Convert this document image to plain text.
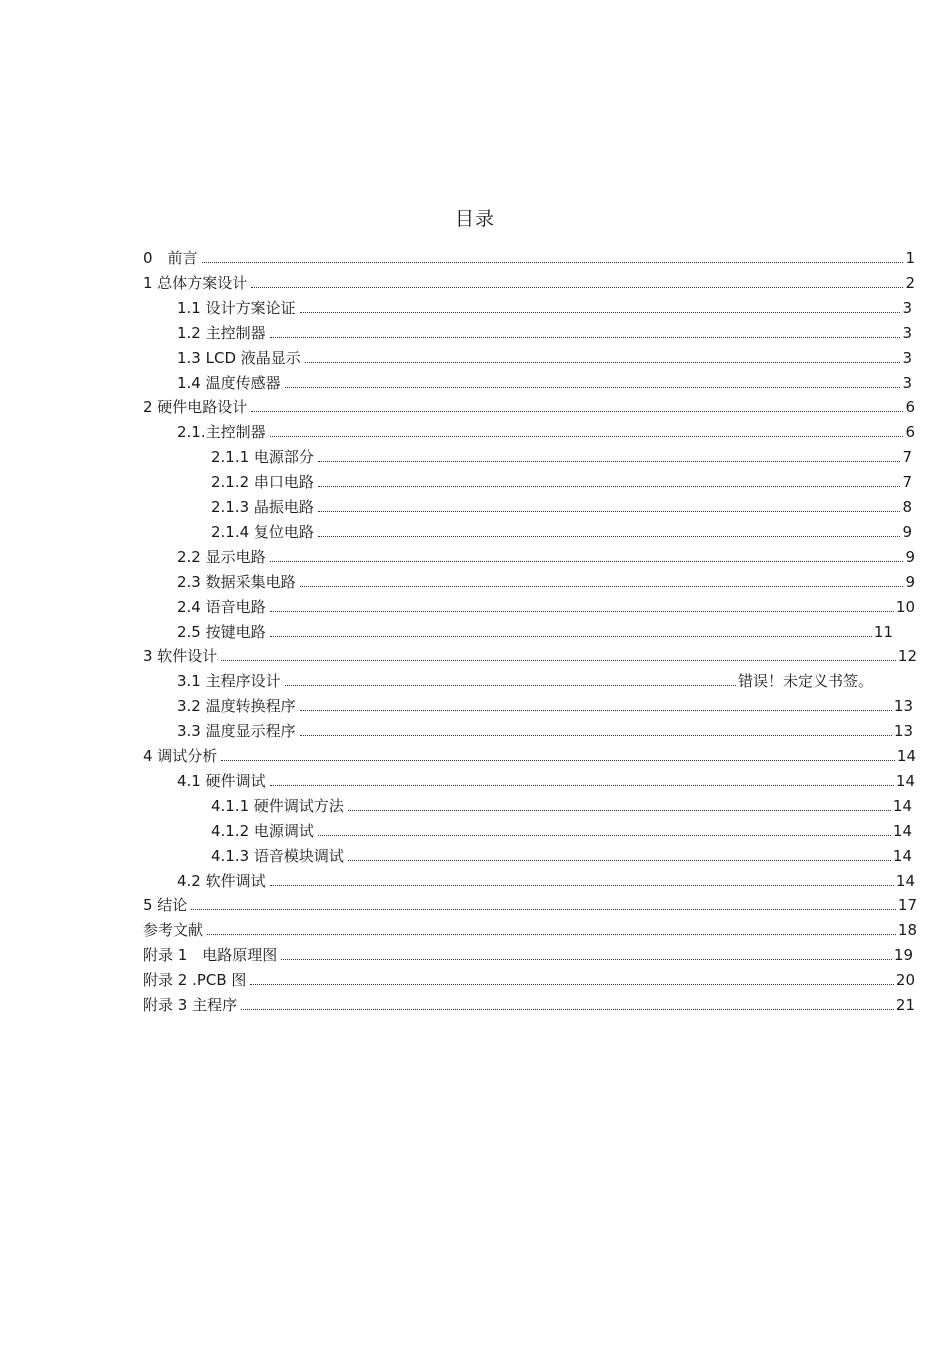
目录
0　前言	1
1 总体方案设计	2
1.1 设计方案论证	3
1.2 主控制器	3
1.3 LCD 液晶显示	3
1.4 温度传感器	3
2 硬件电路设计	6
2.1.主控制器	6
2.1.1 电源部分	7
2.1.2 串口电路	7
2.1.3 晶振电路	8
2.1.4 复位电路	9
2.2 显示电路	9
2.3 数据采集电路	9
2.4 语音电路	10
2.5 按键电路	11
3 软件设计	12
3.1 主程序设计	错误！未定义书签。
3.2 温度转换程序	13
3.3 温度显示程序	13
4 调试分析	14
4.1 硬件调试	14
4.1.1 硬件调试方法	14
4.1.2 电源调试	14
4.1.3 语音模块调试	14
4.2 软件调试	14
5 结论	17
参考文献	18
附录 1　电路原理图	19
附录 2 .PCB 图	20
附录 3 主程序	21
